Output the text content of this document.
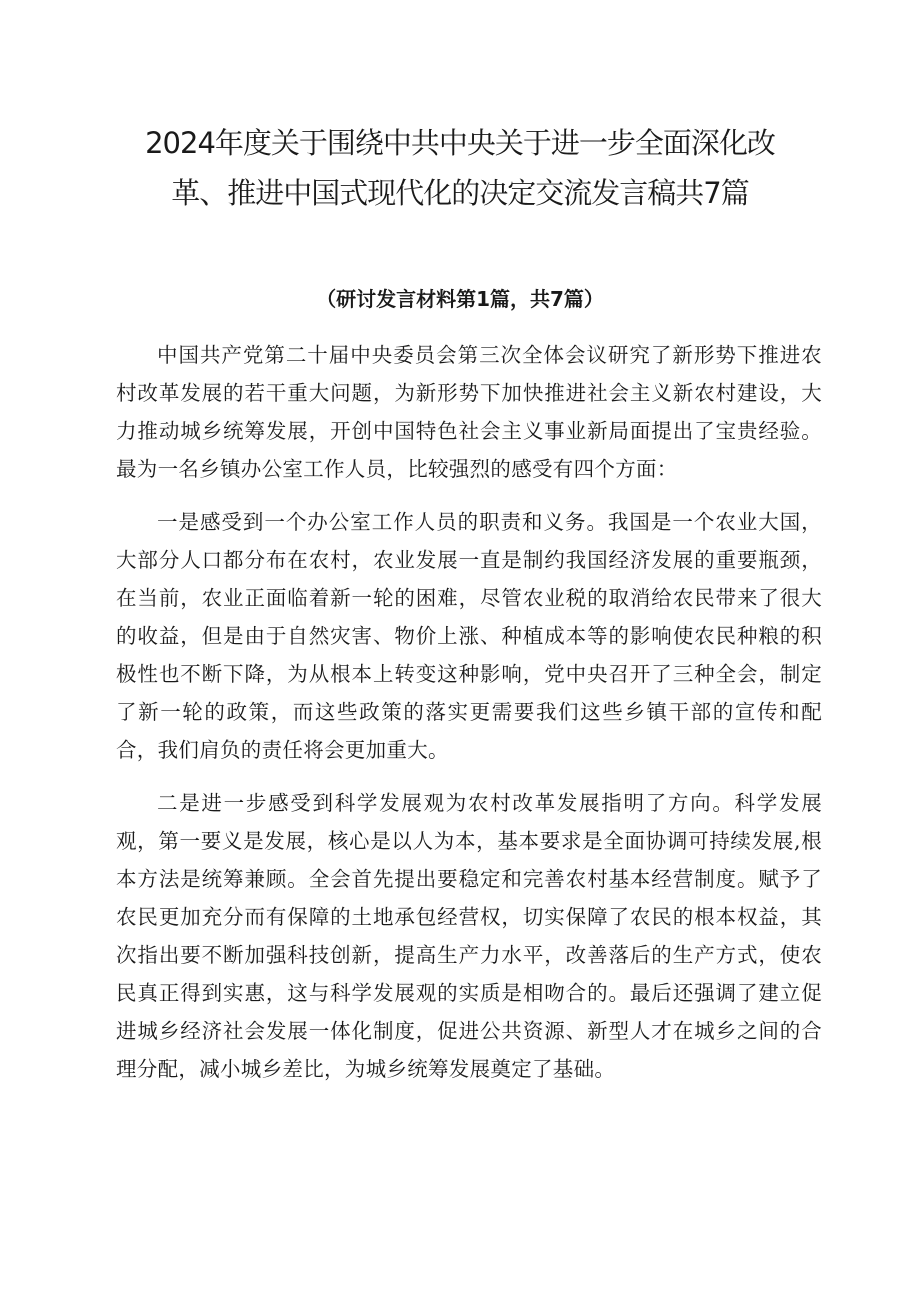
2024年度关于围绕中共中央关于进一步全面深化改
革、推进中国式现代化的决定交流发言稿共7篇
（研讨发言材料第1篇，共7篇）

中国共产党第二十届中央委员会第三次全体会议研究了新形势下推进农村改革发展的若干重大问题，为新形势下加快推进社会主义新农村建设，大力推动城乡统筹发展，开创中国特色社会主义事业新局面提出了宝贵经验。最为一名乡镇办公室工作人员，比较强烈的感受有四个方面：

一是感受到一个办公室工作人员的职责和义务。我国是一个农业大国，大部分人口都分布在农村，农业发展一直是制约我国经济发展的重要瓶颈，在当前，农业正面临着新一轮的困难，尽管农业税的取消给农民带来了很大的收益，但是由于自然灾害、物价上涨、种植成本等的影响使农民种粮的积极性也不断下降，为从根本上转变这种影响，党中央召开了三种全会，制定了新一轮的政策，而这些政策的落实更需要我们这些乡镇干部的宣传和配合，我们肩负的责任将会更加重大。

二是进一步感受到科学发展观为农村改革发展指明了方向。科学发展观，第一要义是发展，核心是以人为本，基本要求是全面协调可持续发展,根本方法是统筹兼顾。全会首先提出要稳定和完善农村基本经营制度。赋予了农民更加充分而有保障的土地承包经营权，切实保障了农民的根本权益，其次指出要不断加强科技创新，提高生产力水平，改善落后的生产方式，使农民真正得到实惠，这与科学发展观的实质是相吻合的。最后还强调了建立促进城乡经济社会发展一体化制度，促进公共资源、新型人才在城乡之间的合理分配，减小城乡差比，为城乡统筹发展奠定了基础。
